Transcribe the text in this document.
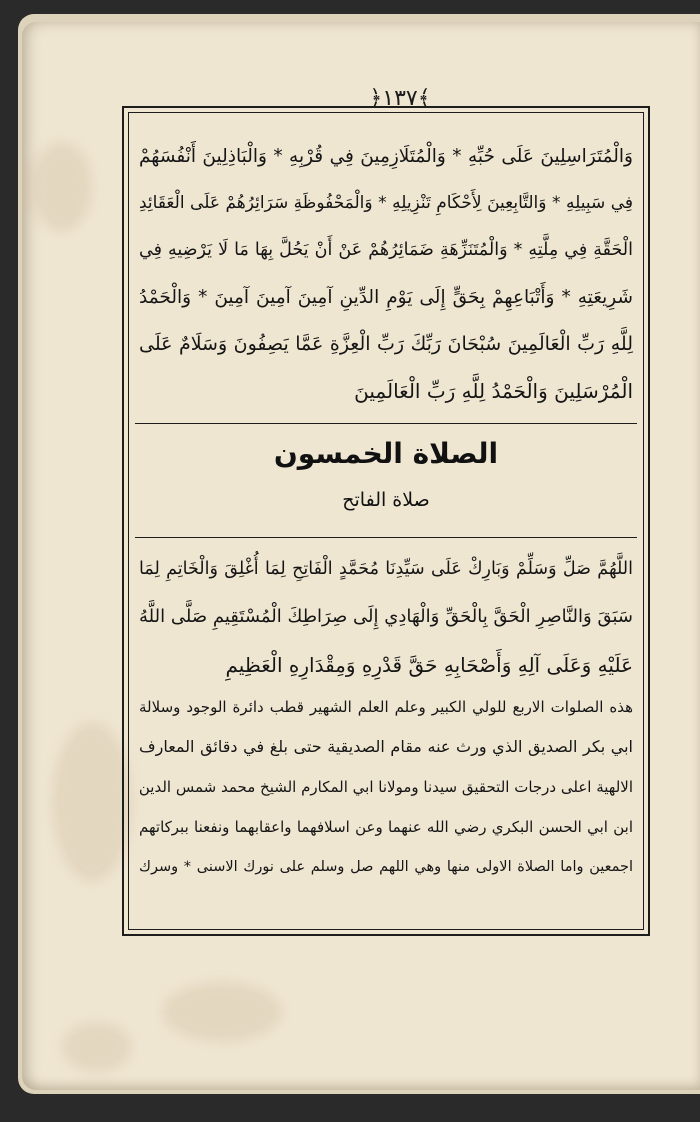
﴿١٣٧﴾
وَالْمُتَرَاسِلِينَ عَلَى حُبِّهِ * وَالْمُتَلَازِمِينَ فِي قُرْبِهِ * وَالْبَاذِلِينَ أَنْفُسَهُمْ
فِي سَبِيلِهِ * وَالتَّابِعِينَ لِأَحْكَامِ تَنْزِيلِهِ * وَالْمَحْفُوظَةِ سَرَائِرُهُمْ عَلَى الْعَقَائِدِ
الْحَقَّةِ فِي مِلَّتِهِ * وَالْمُتَنَزِّهَةِ ضَمَائِرُهُمْ عَنْ أَنْ يَحُلَّ بِهَا مَا لَا يَرْضِيهِ فِي
شَرِيعَتِهِ * وَأَتْبَاعِهِمْ بِحَقٍّ إِلَى يَوْمِ الدِّينِ آمِينَ آمِينَ آمِينَ * وَالْحَمْدُ
لِلَّهِ رَبِّ الْعَالَمِينَ سُبْحَانَ رَبِّكَ رَبِّ الْعِزَّةِ عَمَّا يَصِفُونَ وَسَلَامٌ عَلَى
الْمُرْسَلِينَ وَالْحَمْدُ لِلَّهِ رَبِّ الْعَالَمِينَ
الصلاة الخمسون
صلاة الفاتح
اللَّهُمَّ صَلِّ وَسَلِّمْ وَبَارِكْ عَلَى سَيِّدِنَا مُحَمَّدٍ الْفَاتِحِ لِمَا أُغْلِقَ وَالْخَاتِمِ لِمَا
سَبَقَ وَالنَّاصِرِ الْحَقَّ بِالْحَقِّ وَالْهَادِي إِلَى صِرَاطِكَ الْمُسْتَقِيمِ صَلَّى اللَّهُ
عَلَيْهِ وَعَلَى آلِهِ وَأَصْحَابِهِ حَقَّ قَدْرِهِ وَمِقْدَارِهِ الْعَظِيمِ
هذه الصلوات الاربع للولي الكبير وعلم العلم الشهير قطب دائرة الوجود وسلالة
ابي بكر الصديق الذي ورث عنه مقام الصديقية حتى بلغ في دقائق المعارف
الالهية اعلى درجات التحقيق سيدنا ومولانا ابي المكارم الشيخ محمد شمس الدين
ابن ابي الحسن البكري رضي الله عنهما وعن اسلافهما واعقابهما ونفعنا ببركاتهم
اجمعين واما الصلاة الاولى منها وهي اللهم صل وسلم على نورك الاسنى * وسرك
